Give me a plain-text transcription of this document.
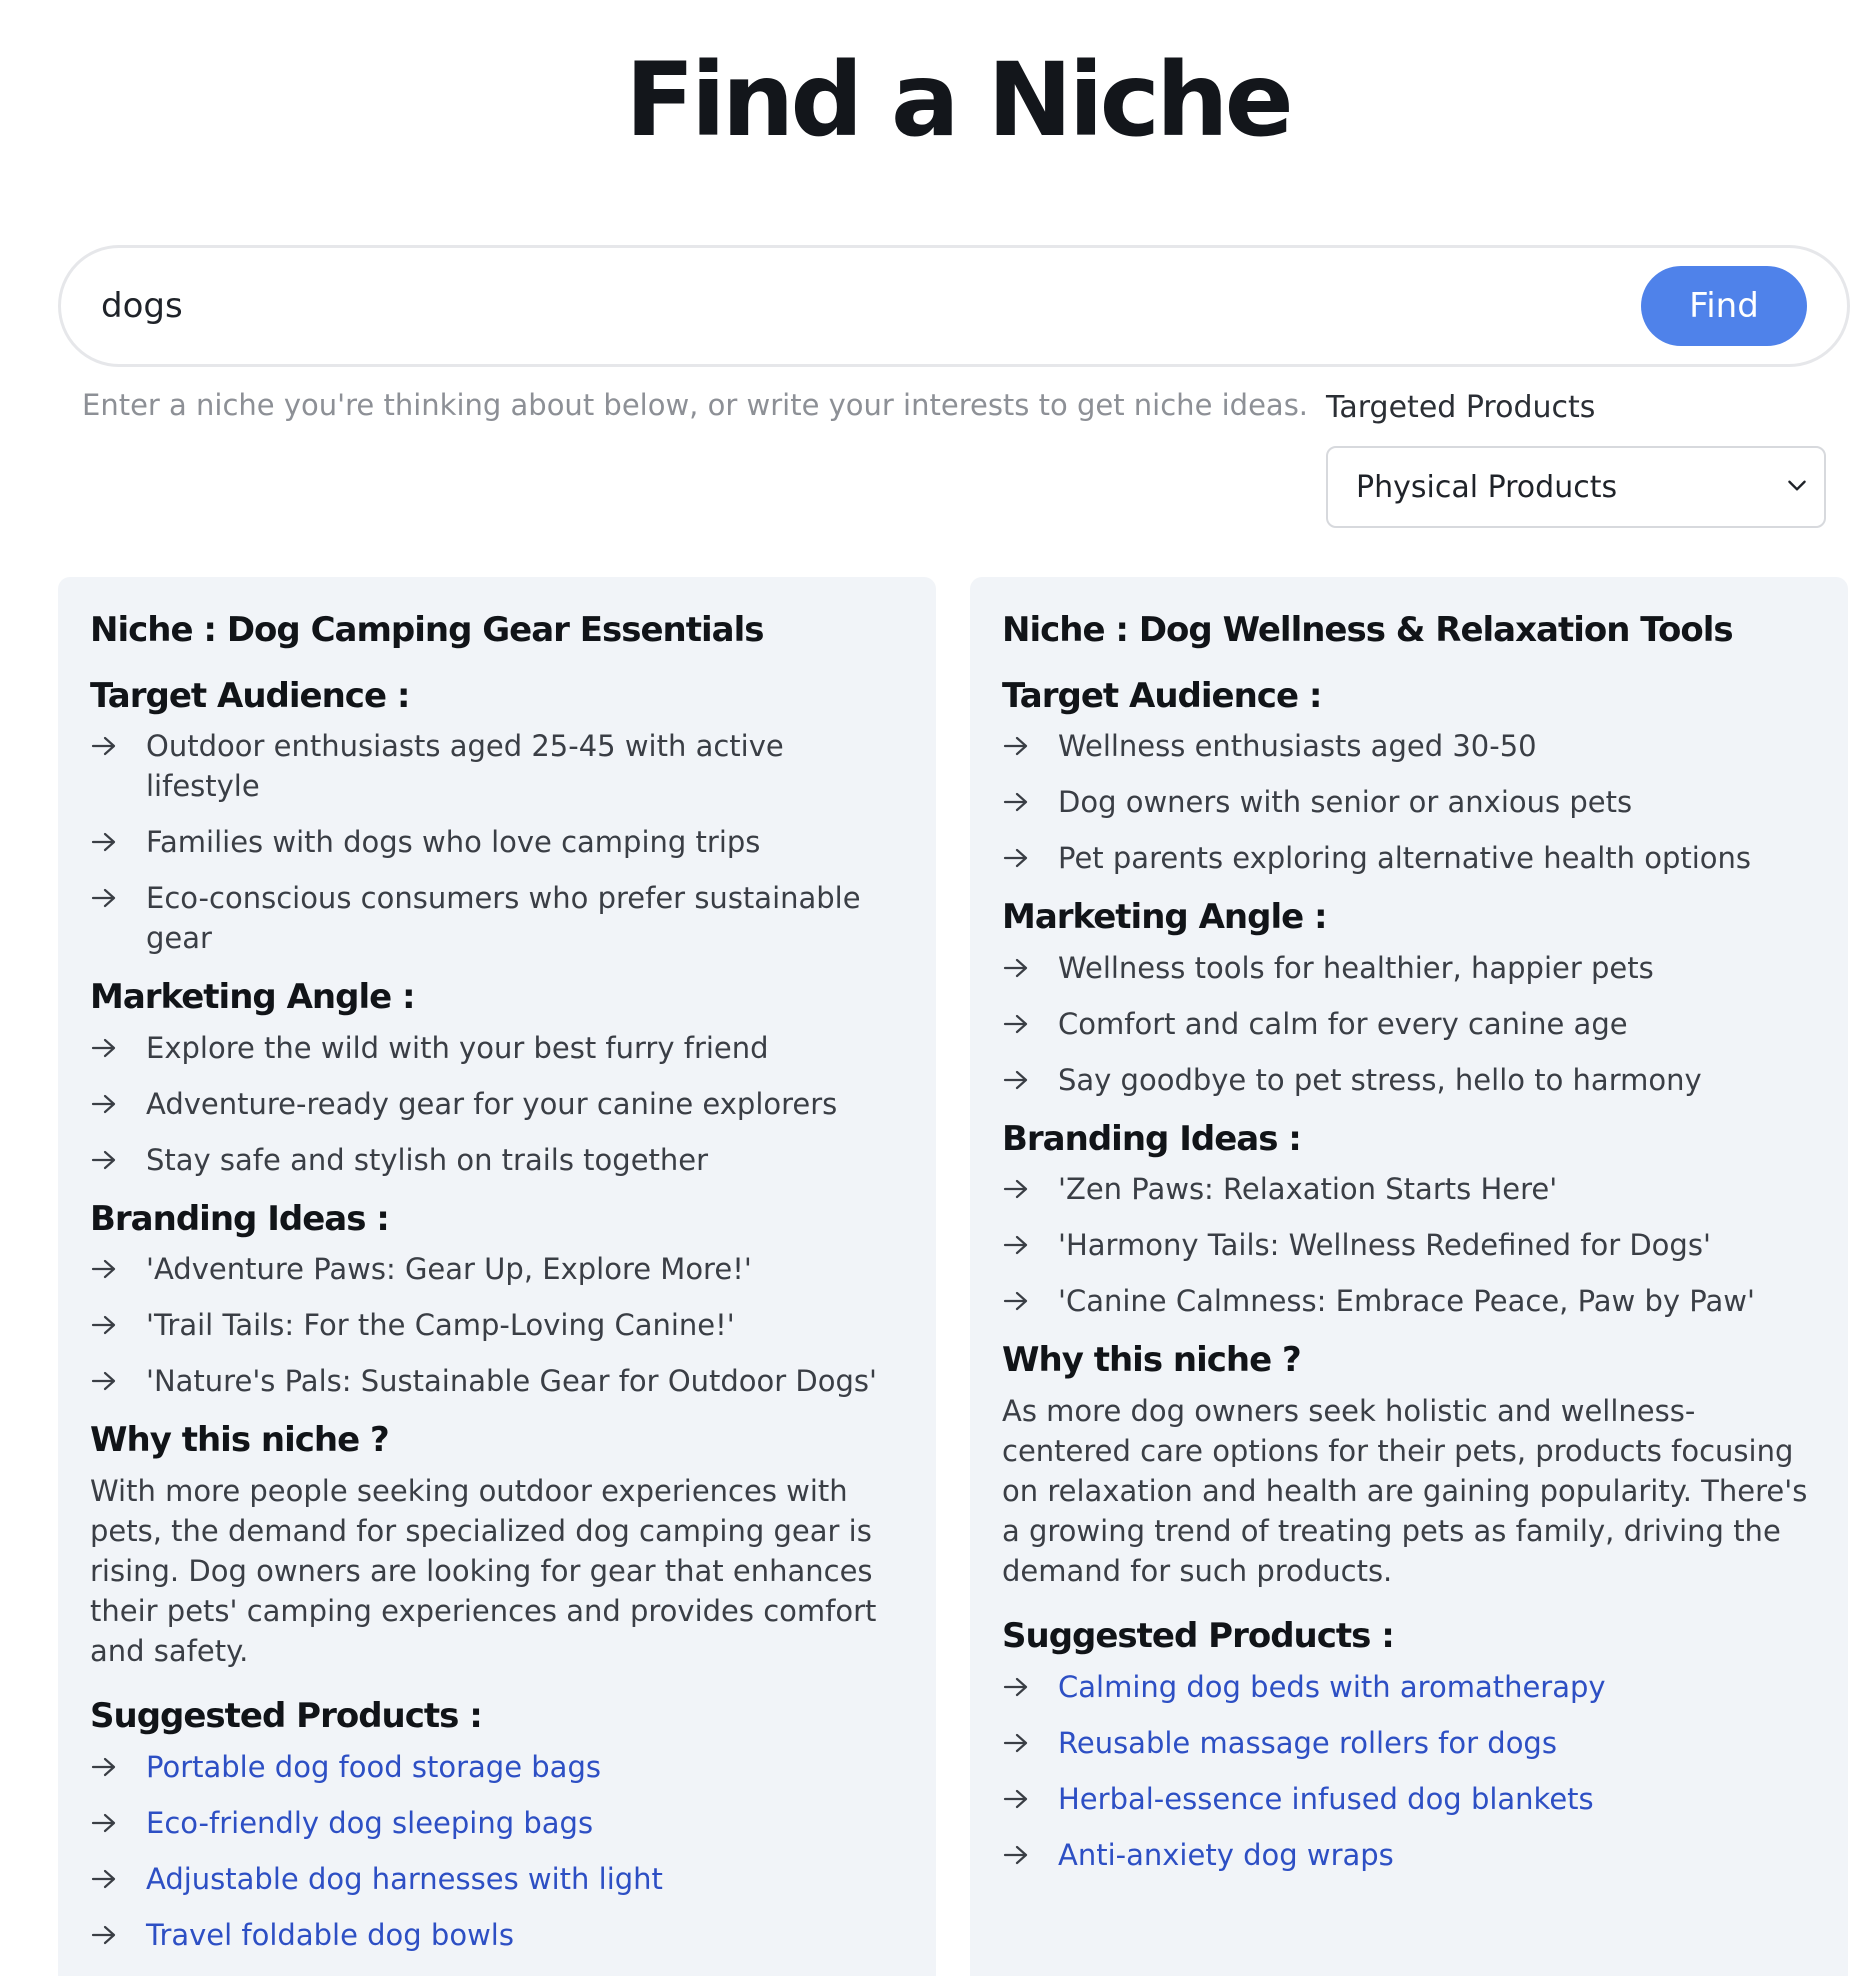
Find a Niche
dogs
Find
Enter a niche you're thinking about below, or write your interests to get niche ideas. Targeted Products
Physical Products
Niche : Dog Camping Gear Essentials
Target Audience :
Outdoor enthusiasts aged 25-45 with active lifestyle
Families with dogs who love camping trips
Eco-conscious consumers who prefer sustainable gear
Marketing Angle :
Explore the wild with your best furry friend
Adventure-ready gear for your canine explorers
Stay safe and stylish on trails together
Branding Ideas :
'Adventure Paws: Gear Up, Explore More!'
'Trail Tails: For the Camp-Loving Canine!'
'Nature's Pals: Sustainable Gear for Outdoor Dogs'
Why this niche ?

With more people seeking outdoor experiences with pets, the demand for specialized dog camping gear is rising. Dog owners are looking for gear that enhances their pets' camping experiences and provides comfort and safety.

Suggested Products :
Portable dog food storage bags
Eco-friendly dog sleeping bags
Adjustable dog harnesses with light
Travel foldable dog bowls
Niche : Dog Wellness & Relaxation Tools
Target Audience :
Wellness enthusiasts aged 30-50
Dog owners with senior or anxious pets
Pet parents exploring alternative health options
Marketing Angle :
Wellness tools for healthier, happier pets
Comfort and calm for every canine age
Say goodbye to pet stress, hello to harmony
Branding Ideas :
'Zen Paws: Relaxation Starts Here'
'Harmony Tails: Wellness Redefined for Dogs'
'Canine Calmness: Embrace Peace, Paw by Paw'
Why this niche ?

As more dog owners seek holistic and wellness-centered care options for their pets, products focusing on relaxation and health are gaining popularity. There's a growing trend of treating pets as family, driving the demand for such products.

Suggested Products :
Calming dog beds with aromatherapy
Reusable massage rollers for dogs
Herbal-essence infused dog blankets
Anti-anxiety dog wraps
